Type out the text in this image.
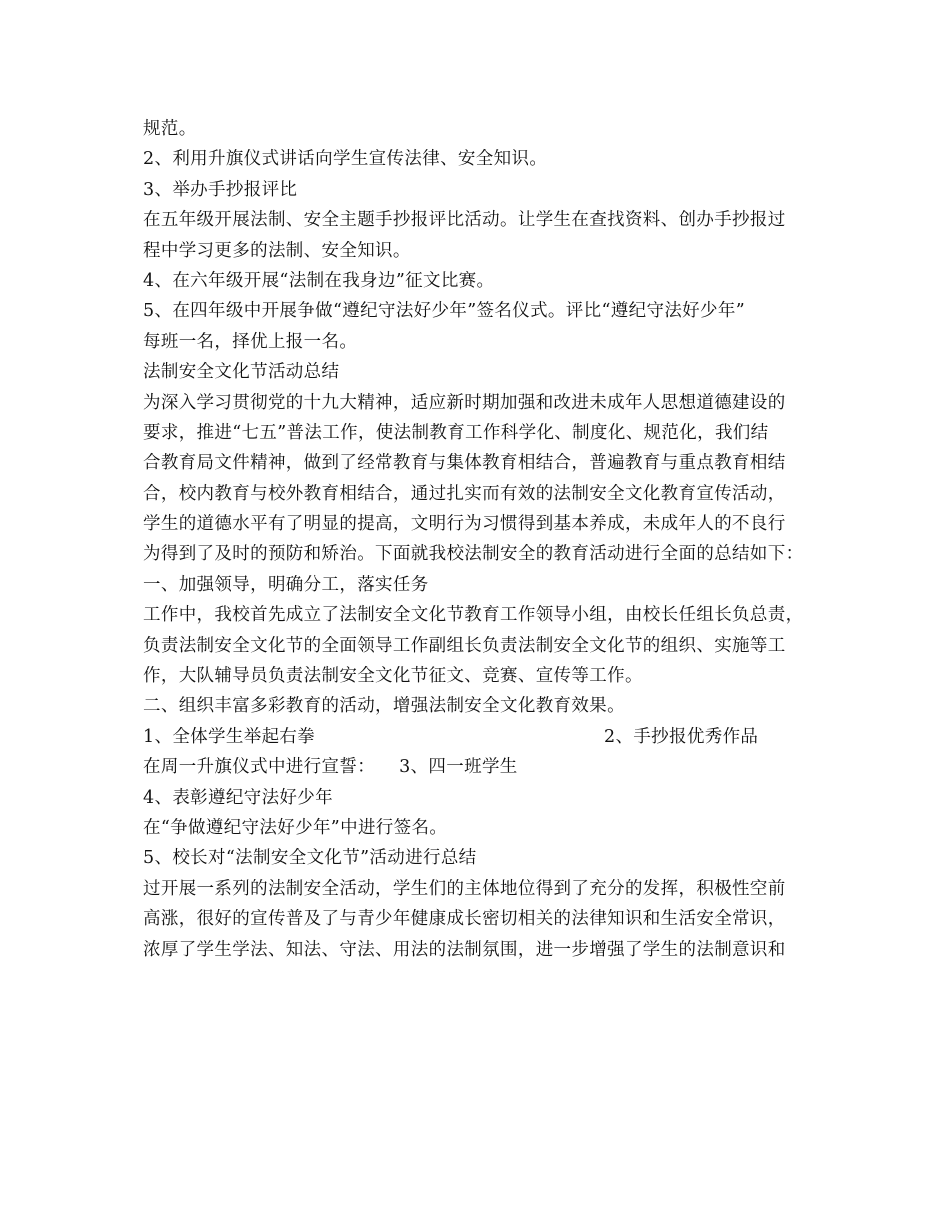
规范。
2、利用升旗仪式讲话向学生宣传法律、安全知识。
3、举办手抄报评比
在五年级开展法制、安全主题手抄报评比活动。让学生在查找资料、创办手抄报过
程中学习更多的法制、安全知识。
4、在六年级开展“法制在我身边”征文比赛。
5、在四年级中开展争做“遵纪守法好少年”签名仪式。评比“遵纪守法好少年”
每班一名，择优上报一名。
法制安全文化节活动总结
为深入学习贯彻党的十九大精神，适应新时期加强和改进未成年人思想道德建设的
要求，推进“七五”普法工作，使法制教育工作科学化、制度化、规范化，我们结
合教育局文件精神，做到了经常教育与集体教育相结合，普遍教育与重点教育相结
合，校内教育与校外教育相结合，通过扎实而有效的法制安全文化教育宣传活动，
学生的道德水平有了明显的提高，文明行为习惯得到基本养成，未成年人的不良行
为得到了及时的预防和矫治。下面就我校法制安全的教育活动进行全面的总结如下：
一、加强领导，明确分工，落实任务
工作中，我校首先成立了法制安全文化节教育工作领导小组，由校长任组长负总责，
负责法制安全文化节的全面领导工作副组长负责法制安全文化节的组织、实施等工
作，大队辅导员负责法制安全文化节征文、竞赛、宣传等工作。
二、组织丰富多彩教育的活动，增强法制安全文化教育效果。
1、全体学生举起右拳	2、手抄报优秀作品
在周一升旗仪式中进行宣誓： 3、四一班学生
4、表彰遵纪守法好少年
在“争做遵纪守法好少年”中进行签名。
5、校长对“法制安全文化节”活动进行总结
过开展一系列的法制安全活动，学生们的主体地位得到了充分的发挥，积极性空前
高涨，很好的宣传普及了与青少年健康成长密切相关的法律知识和生活安全常识，
浓厚了学生学法、知法、守法、用法的法制氛围，进一步增强了学生的法制意识和
